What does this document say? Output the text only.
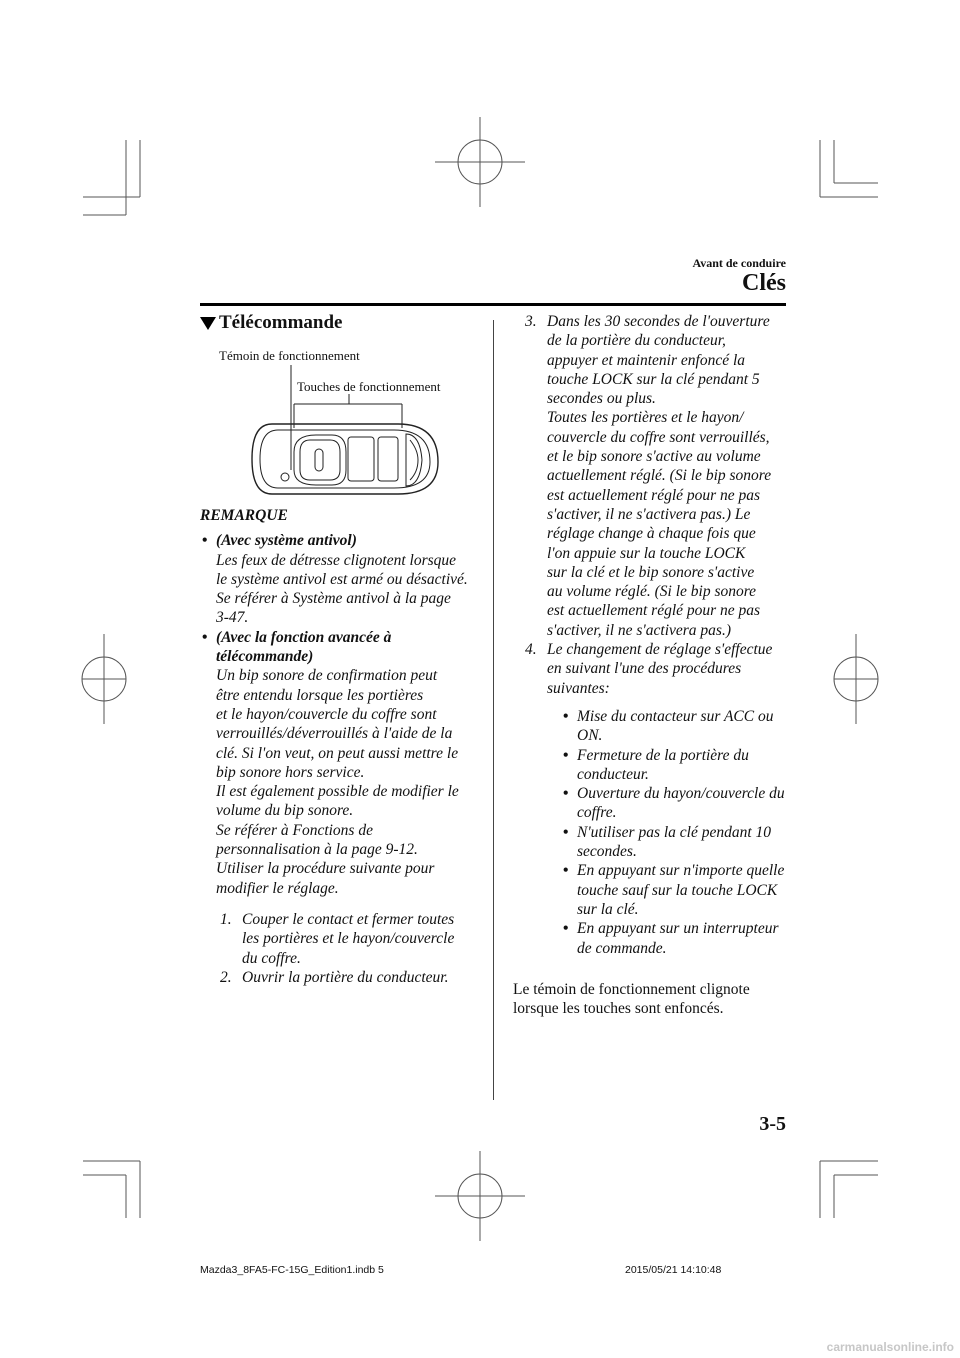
Avant de conduire
Clés
Télécommande
Témoin de fonctionnement
Touches de fonctionnement
REMARQUE
• (Avec système antivol)
Les feux de détresse clignotent lorsque
le système antivol est armé ou désactivé.
Se référer à Système antivol à la page
3-47.
• (Avec la fonction avancée à
télécommande)
Un bip sonore de confirmation peut
être entendu lorsque les portières
et le hayon/couvercle du coffre sont
verrouillés/déverrouillés à l'aide de la
clé. Si l'on veut, on peut aussi mettre le
bip sonore hors service.
Il est également possible de modifier le
volume du bip sonore.
Se référer à Fonctions de
personnalisation à la page 9-12.
Utiliser la procédure suivante pour
modifier le réglage.
1. Couper le contact et fermer toutes
les portières et le hayon/couvercle
du coffre.
2. Ouvrir la portière du conducteur.
3. Dans les 30 secondes de l'ouverture
de la portière du conducteur,
appuyer et maintenir enfoncé la
touche LOCK sur la clé pendant 5
secondes ou plus.
Toutes les portières et le hayon/
couvercle du coffre sont verrouillés,
et le bip sonore s'active au volume
actuellement réglé. (Si le bip sonore
est actuellement réglé pour ne pas
s'activer, il ne s'activera pas.) Le
réglage change à chaque fois que
l'on appuie sur la touche LOCK
sur la clé et le bip sonore s'active
au volume réglé. (Si le bip sonore
est actuellement réglé pour ne pas
s'activer, il ne s'activera pas.)
4. Le changement de réglage s'effectue
en suivant l'une des procédures
suivantes:
• Mise du contacteur sur ACC ou
ON.
• Fermeture de la portière du
conducteur.
• Ouverture du hayon/couvercle du
coffre.
• N'utiliser pas la clé pendant 10
secondes.
• En appuyant sur n'importe quelle
touche sauf sur la touche LOCK
sur la clé.
• En appuyant sur un interrupteur
de commande.
Le témoin de fonctionnement clignote
lorsque les touches sont enfoncés.
3-5
Mazda3_8FA5-FC-15G_Edition1.indb 5	2015/05/21 14:10:48
carmanualsonline.info
